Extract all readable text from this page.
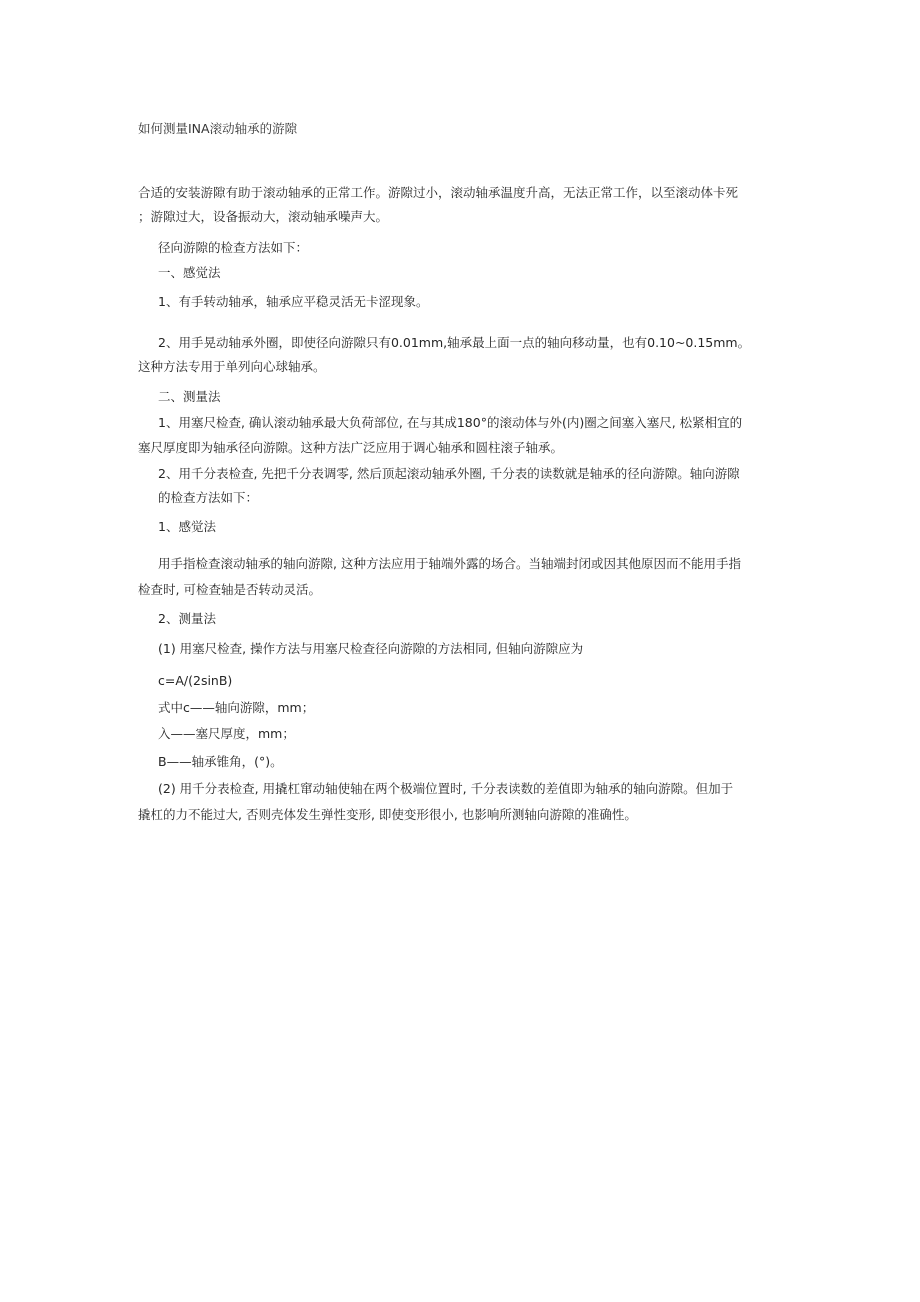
如何测量INA滚动轴承的游隙
合适的安装游隙有助于滚动轴承的正常工作。游隙过小，滚动轴承温度升高，无法正常工作，以至滚动体卡死
；游隙过大，设备振动大，滚动轴承噪声大。
径向游隙的检查方法如下：
一、感觉法
1、有手转动轴承，轴承应平稳灵活无卡涩现象。
2、用手晃动轴承外圈，即使径向游隙只有0.01mm,轴承最上面一点的轴向移动量，也有0.10~0.15mm。
这种方法专用于单列向心球轴承。
二、测量法
1、用塞尺检查, 确认滚动轴承最大负荷部位, 在与其成180°的滚动体与外(内)圈之间塞入塞尺, 松紧相宜的
塞尺厚度即为轴承径向游隙。这种方法广泛应用于调心轴承和圆柱滚子轴承。
2、用千分表检查, 先把千分表调零, 然后顶起滚动轴承外圈, 千分表的读数就是轴承的径向游隙。轴向游隙
的检查方法如下：
1、感觉法
用手指检查滚动轴承的轴向游隙, 这种方法应用于轴端外露的场合。当轴端封闭或因其他原因而不能用手指
检查时, 可检查轴是否转动灵活。
2、测量法
(1) 用塞尺检查, 操作方法与用塞尺检查径向游隙的方法相同, 但轴向游隙应为
c=A/(2sinB)
式中c——轴向游隙，mm；
入——塞尺厚度，mm；
B——轴承锥角，(°)。
(2) 用千分表检查, 用撬杠窜动轴使轴在两个极端位置时, 千分表读数的差值即为轴承的轴向游隙。但加于
撬杠的力不能过大, 否则壳体发生弹性变形, 即使变形很小, 也影响所测轴向游隙的准确性。
